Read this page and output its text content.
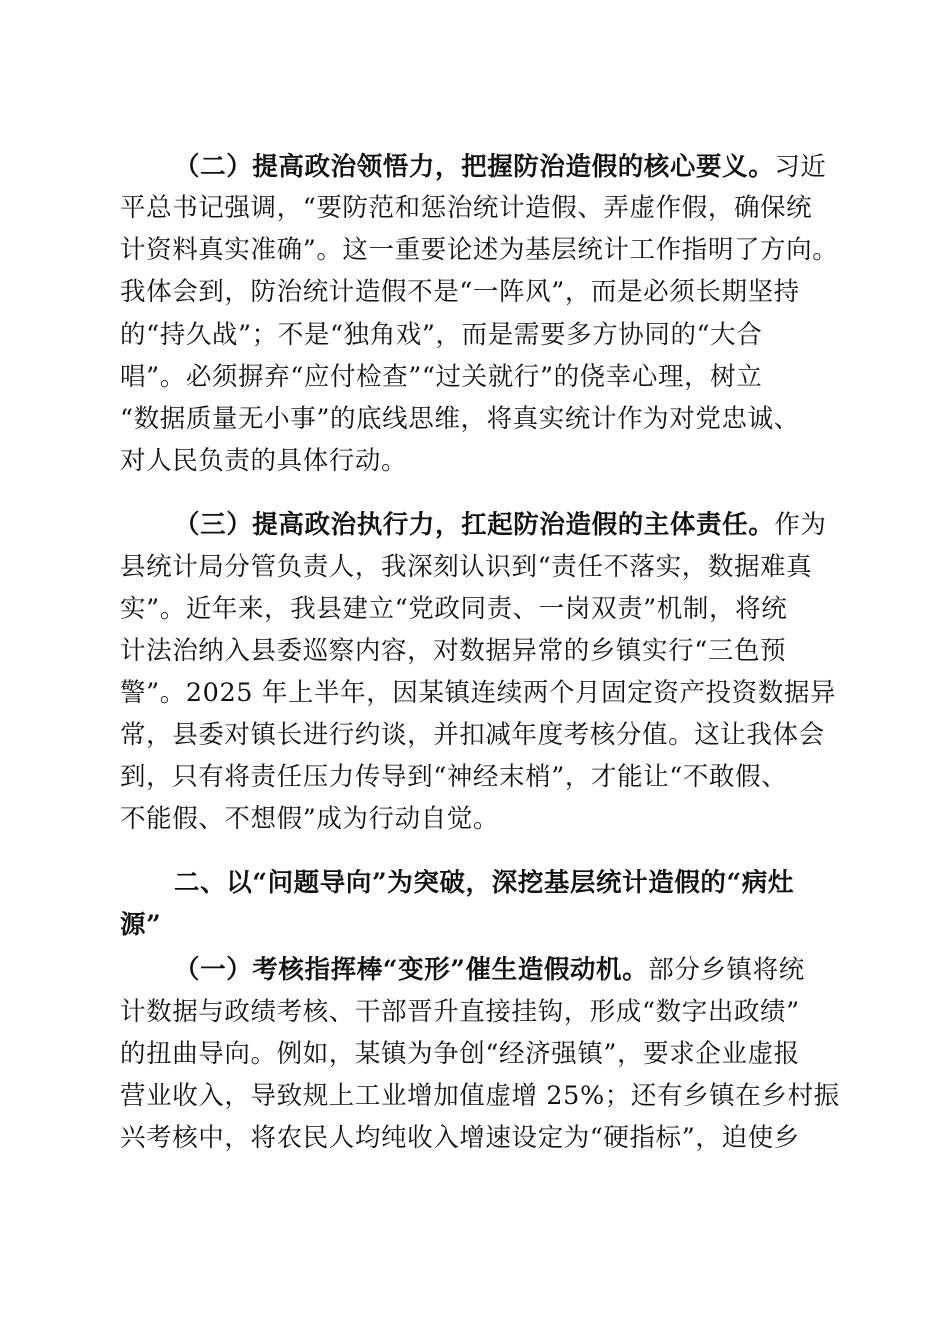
（二）提高政治领悟力，把握防治造假的核心要义。习近
平总书记强调，“要防范和惩治统计造假、弄虚作假，确保统
计资料真实准确”。这一重要论述为基层统计工作指明了方向。
我体会到，防治统计造假不是“一阵风”，而是必须长期坚持
的“持久战”；不是“独角戏”，而是需要多方协同的“大合
唱”。必须摒弃“应付检查”“过关就行”的侥幸心理，树立
“数据质量无小事”的底线思维，将真实统计作为对党忠诚、
对人民负责的具体行动。
（三）提高政治执行力，扛起防治造假的主体责任。作为
县统计局分管负责人，我深刻认识到“责任不落实，数据难真
实”。近年来，我县建立“党政同责、一岗双责”机制，将统
计法治纳入县委巡察内容，对数据异常的乡镇实行“三色预
警”。2025 年上半年，因某镇连续两个月固定资产投资数据异
常，县委对镇长进行约谈，并扣减年度考核分值。这让我体会
到，只有将责任压力传导到“神经末梢”，才能让“不敢假、
不能假、不想假”成为行动自觉。
二、以“问题导向”为突破，深挖基层统计造假的“病灶
源”
（一）考核指挥棒“变形”催生造假动机。部分乡镇将统
计数据与政绩考核、干部晋升直接挂钩，形成“数字出政绩”
的扭曲导向。例如，某镇为争创“经济强镇”，要求企业虚报
营业收入，导致规上工业增加值虚增 25%；还有乡镇在乡村振
兴考核中，将农民人均纯收入增速设定为“硬指标”，迫使乡
